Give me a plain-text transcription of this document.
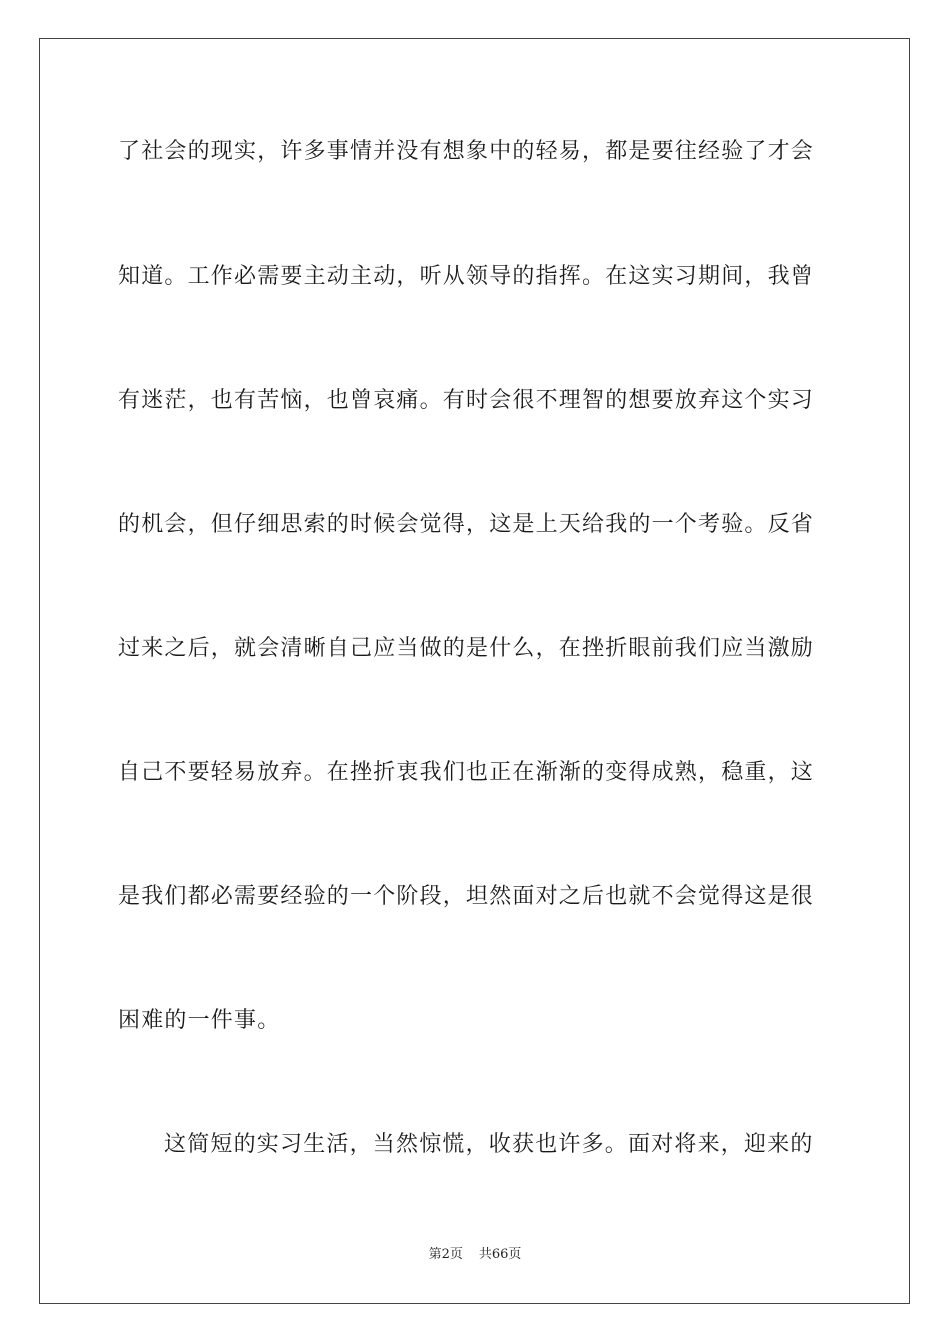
了社会的现实，许多事情并没有想象中的轻易，都是要往经验了才会
知道。工作必需要主动主动，听从领导的指挥。在这实习期间，我曾
有迷茫，也有苦恼，也曾哀痛。有时会很不理智的想要放弃这个实习
的机会，但仔细思索的时候会觉得，这是上天给我的一个考验。反省
过来之后，就会清晰自己应当做的是什么，在挫折眼前我们应当激励
自己不要轻易放弃。在挫折衷我们也正在渐渐的变得成熟，稳重，这
是我们都必需要经验的一个阶段，坦然面对之后也就不会觉得这是很
困难的一件事。
这简短的实习生活，当然惊慌，收获也许多。面对将来，迎来的
第2页 共66页
